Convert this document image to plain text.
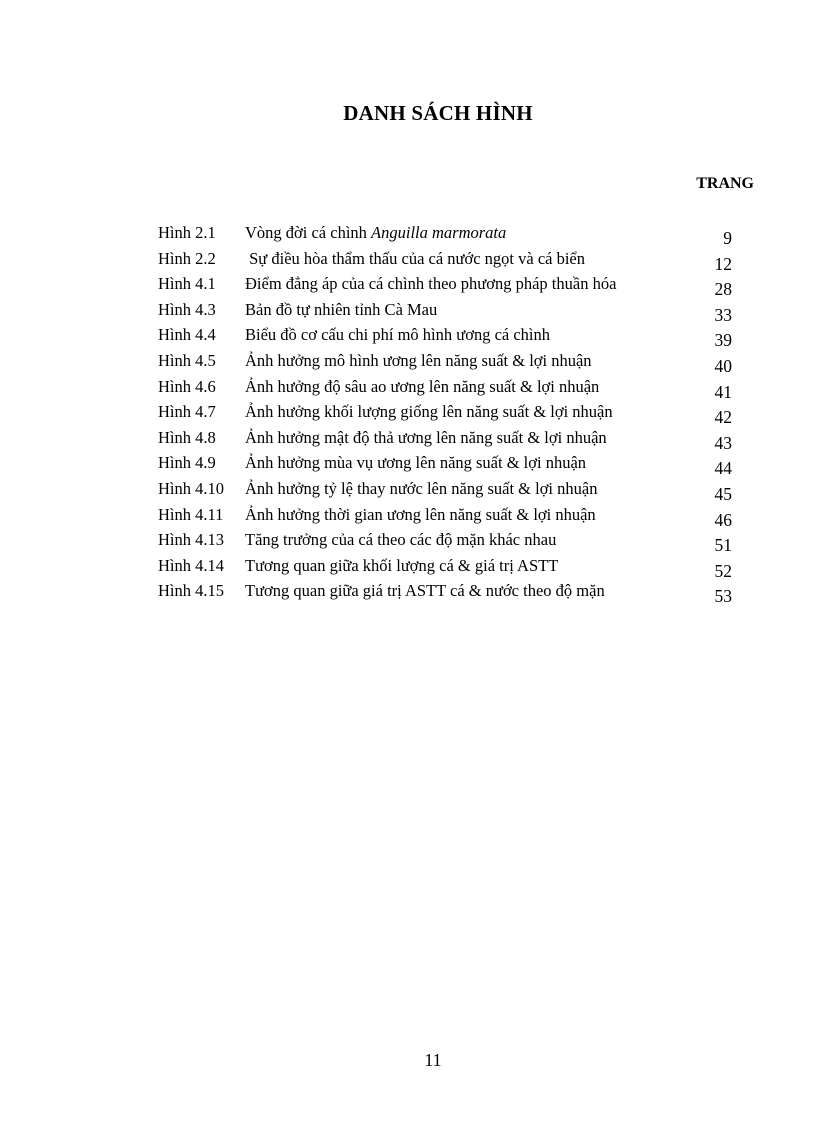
DANH SÁCH HÌNH
TRANG
Hình 2.1 Vòng đời cá chình Anguilla marmorata	9
Hình 2.2 Sự điều hòa thẩm thấu của cá nước ngọt và cá biển	12
Hình 4.1 Điểm đẳng áp của cá chình theo phương pháp thuần hóa	28
Hình 4.3 Bản đồ tự nhiên tỉnh Cà Mau	33
Hình 4.4 Biểu đồ cơ cấu chi phí mô hình ương cá chình	39
Hình 4.5 Ảnh hưởng mô hình ương lên năng suất & lợi nhuận	40
Hình 4.6 Ảnh hưởng độ sâu ao ương lên năng suất & lợi nhuận	41
Hình 4.7 Ảnh hưởng khối lượng giống lên năng suất & lợi nhuận	42
Hình 4.8 Ảnh hưởng mật độ thả ương lên năng suất & lợi nhuận	43
Hình 4.9 Ảnh hưởng mùa vụ ương lên năng suất & lợi nhuận	44
Hình 4.10 Ảnh hưởng tỷ lệ thay nước lên năng suất & lợi nhuận	45
Hình 4.11 Ảnh hưởng thời gian ương lên năng suất & lợi nhuận	46
Hình 4.13 Tăng trưởng của cá theo các độ mặn khác nhau	51
Hình 4.14 Tương quan giữa khối lượng cá & giá trị ASTT	52
Hình 4.15 Tương quan giữa giá trị ASTT cá & nước theo độ mặn	53
11
